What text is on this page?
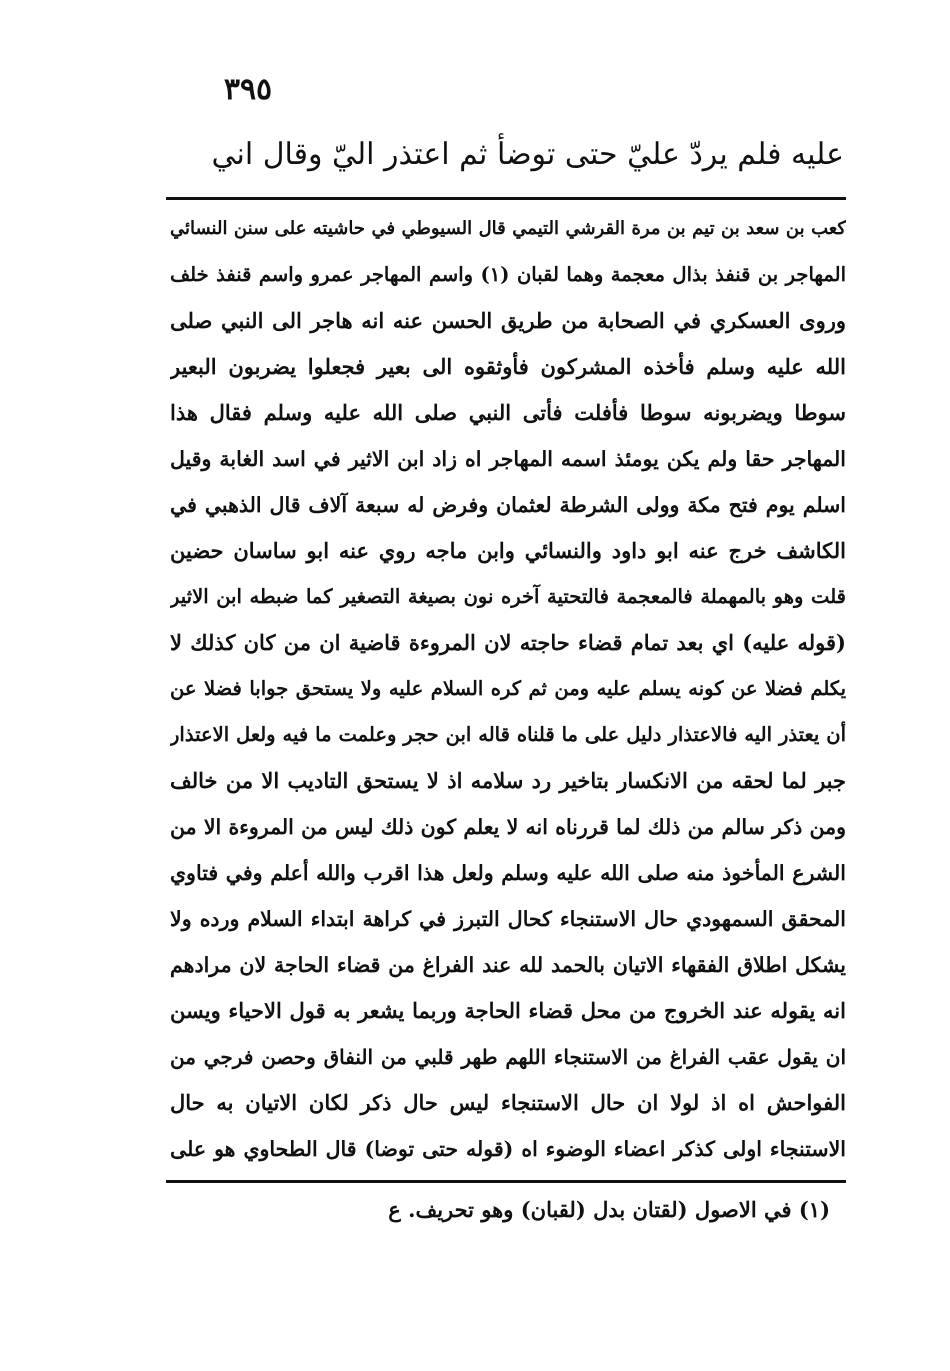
٣٩٥
عليه فلم يردّ عليّ حتى توضأ ثم اعتذر اليّ وقال اني
كعب بن سعد بن تيم بن مرة القرشي التيمي قال السيوطي في حاشيته على سنن النسائي
المهاجر بن قنفذ بذال معجمة وهما لقبان (١) واسم المهاجر عمرو واسم قنفذ خلف
وروى العسكري في الصحابة من طريق الحسن عنه انه هاجر الى النبي صلى
الله عليه وسلم فأخذه المشركون فأوثقوه الى بعير فجعلوا يضربون البعير
سوطا ويضربونه سوطا فأفلت فأتى النبي صلى الله عليه وسلم فقال هذا
المهاجر حقا ولم يكن يومئذ اسمه المهاجر اه زاد ابن الاثير في اسد الغابة وقيل
اسلم يوم فتح مكة وولى الشرطة لعثمان وفرض له سبعة آلاف قال الذهبي في
الكاشف خرج عنه ابو داود والنسائي وابن ماجه روي عنه ابو ساسان حضين
قلت وهو بالمهملة فالمعجمة فالتحتية آخره نون بصيغة التصغير كما ضبطه ابن الاثير
(قوله عليه) اي بعد تمام قضاء حاجته لان المروءة قاضية ان من كان كذلك لا
يكلم فضلا عن كونه يسلم عليه ومن ثم كره السلام عليه ولا يستحق جوابا فضلا عن
أن يعتذر اليه فالاعتذار دليل على ما قلناه قاله ابن حجر وعلمت ما فيه ولعل الاعتذار
جبر لما لحقه من الانكسار بتاخير رد سلامه اذ لا يستحق التاديب الا من خالف
ومن ذكر سالم من ذلك لما قررناه انه لا يعلم كون ذلك ليس من المروءة الا من
الشرع المأخوذ منه صلى الله عليه وسلم ولعل هذا اقرب والله أعلم وفي فتاوي
المحقق السمهودي حال الاستنجاء كحال التبرز في كراهة ابتداء السلام ورده ولا
يشكل اطلاق الفقهاء الاتيان بالحمد لله عند الفراغ من قضاء الحاجة لان مرادهم
انه يقوله عند الخروج من محل قضاء الحاجة وربما يشعر به قول الاحياء ويسن
ان يقول عقب الفراغ من الاستنجاء اللهم طهر قلبي من النفاق وحصن فرجي من
الفواحش اه اذ لولا ان حال الاستنجاء ليس حال ذكر لكان الاتيان به حال
الاستنجاء اولى كذكر اعضاء الوضوء اه (قوله حتى توضا) قال الطحاوي هو على
(١) في الاصول (لقتان بدل (لقبان) وهو تحريف. ع
